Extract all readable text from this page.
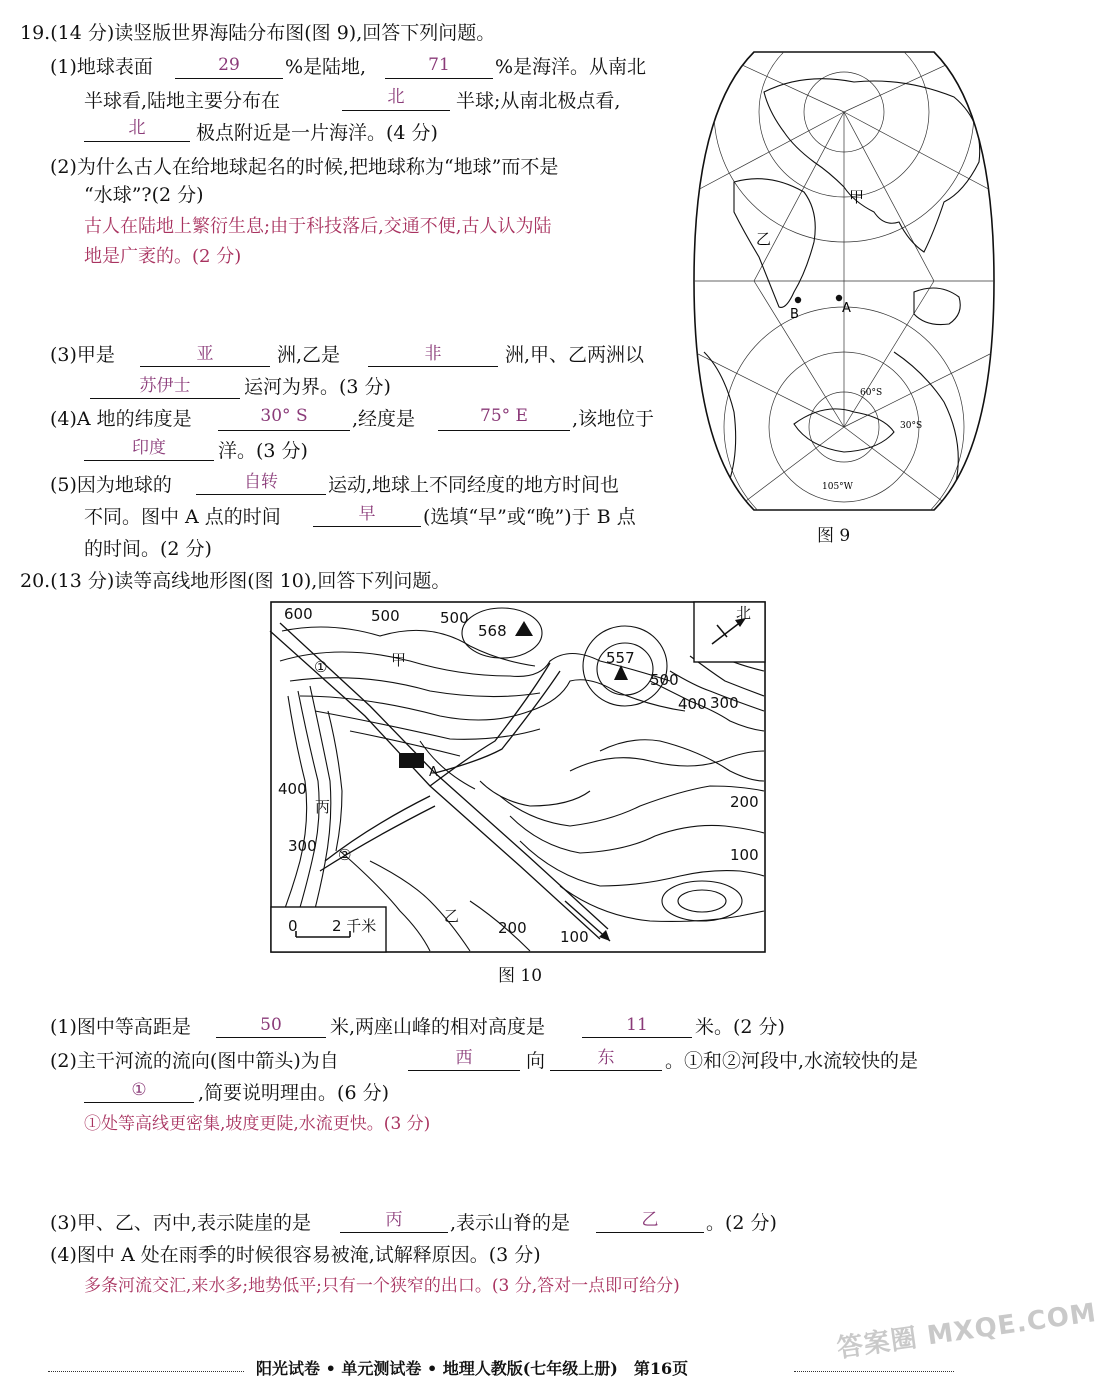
19.(14 分)读竖版世界海陆分布图(图 9),回答下列问题。
(1)地球表面	29	%是陆地,	71	%是海洋。从南北
半球看,陆地主要分布在	北	半球;从南北极点看,
北	极点附近是一片海洋。(4 分)
(2)为什么古人在给地球起名的时候,把地球称为“地球”而不是
“水球”?(2 分)
古人在陆地上繁衍生息;由于科技落后,交通不便,古人认为陆
地是广袤的。(2 分)
(3)甲是	亚	洲,乙是	非	洲,甲、乙两洲以
苏伊士	运河为界。(3 分)
(4)A 地的纬度是	30° S	,经度是	75° E	,该地位于
印度	洋。(3 分)
(5)因为地球的	自转	运动,地球上不同经度的地方时间也
不同。图中 A 点的时间	早	(选填“早”或“晚”)于 B 点
的时间。(2 分)
甲
乙
B	A
60°S
30°S
105°W
图 9
20.(13 分)读等高线地形图(图 10),回答下列问题。
600	500	500
568
557
500
400 300
200
100
400
300
200 100
甲
丙
乙
A
①
②
北
0 2 千米
图 10
(1)图中等高距是	50	米,两座山峰的相对高度是	11	米。(2 分)
(2)主干河流的流向(图中箭头)为自	西	向	东	。①和②河段中,水流较快的是
①	,简要说明理由。(6 分)
①处等高线更密集,坡度更陡,水流更快。(3 分)
(3)甲、乙、丙中,表示陡崖的是	丙	,表示山脊的是	乙	。(2 分)
(4)图中 A 处在雨季的时候很容易被淹,试解释原因。(3 分)
多条河流交汇,来水多;地势低平;只有一个狭窄的出口。(3 分,答对一点即可给分)
阳光试卷 • 单元测试卷 • 地理人教版(七年级上册)　第16页
答案圈 MXQE.COM
